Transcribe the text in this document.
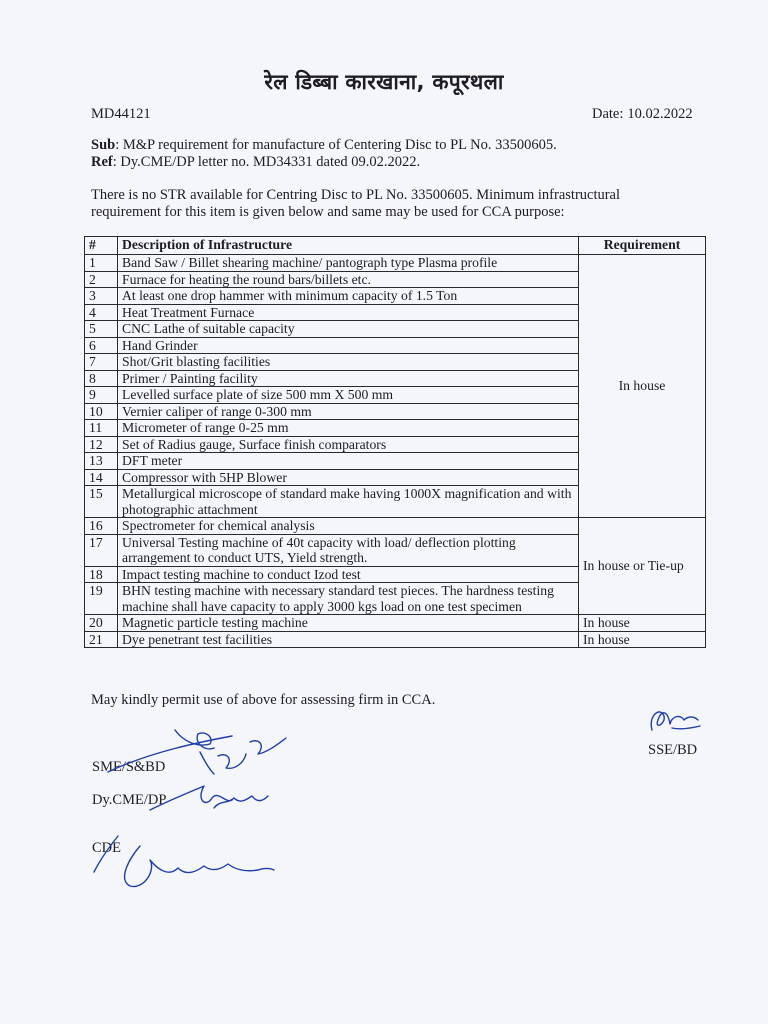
रेल डिब्बा कारखाना, कपूरथला
MD44121	Date: 10.02.2022
Sub: M&P requirement for manufacture of Centering Disc to PL No. 33500605.
Ref: Dy.CME/DP letter no. MD34331 dated 09.02.2022.
There is no STR available for Centring Disc to PL No. 33500605. Minimum infrastructural requirement for this item is given below and same may be used for CCA purpose:
#	Description of Infrastructure	Requirement
1	Band Saw / Billet shearing machine/ pantograph type Plasma profile	In house
2	Furnace for heating the round bars/billets etc.	
3	At least one drop hammer with minimum capacity of 1.5 Ton	
4	Heat Treatment Furnace	
5	CNC Lathe of suitable capacity	
6	Hand Grinder	
7	Shot/Grit blasting facilities	
8	Primer / Painting facility	
9	Levelled surface plate of size 500 mm X 500 mm	
10	Vernier caliper of range 0-300 mm	
11	Micrometer of range 0-25 mm	
12	Set of Radius gauge, Surface finish comparators	
13	DFT meter	
14	Compressor with 5HP Blower	
15	Metallurgical microscope of standard make having 1000X magnification and with photographic attachment	
16	Spectrometer for chemical analysis	In house or Tie-up
17	Universal Testing machine of 40t capacity with load/ deflection plotting arrangement to conduct UTS, Yield strength.	
18	Impact testing machine to conduct Izod test	
19	BHN testing machine with necessary standard test pieces. The hardness testing machine shall have capacity to apply 3000 kgs load on one test specimen	
20	Magnetic particle testing machine	In house
21	Dye penetrant test facilities	In house
May kindly permit use of above for assessing firm in CCA.
SSE/BD
SME/S&BD
Dy.CME/DP
CDE
